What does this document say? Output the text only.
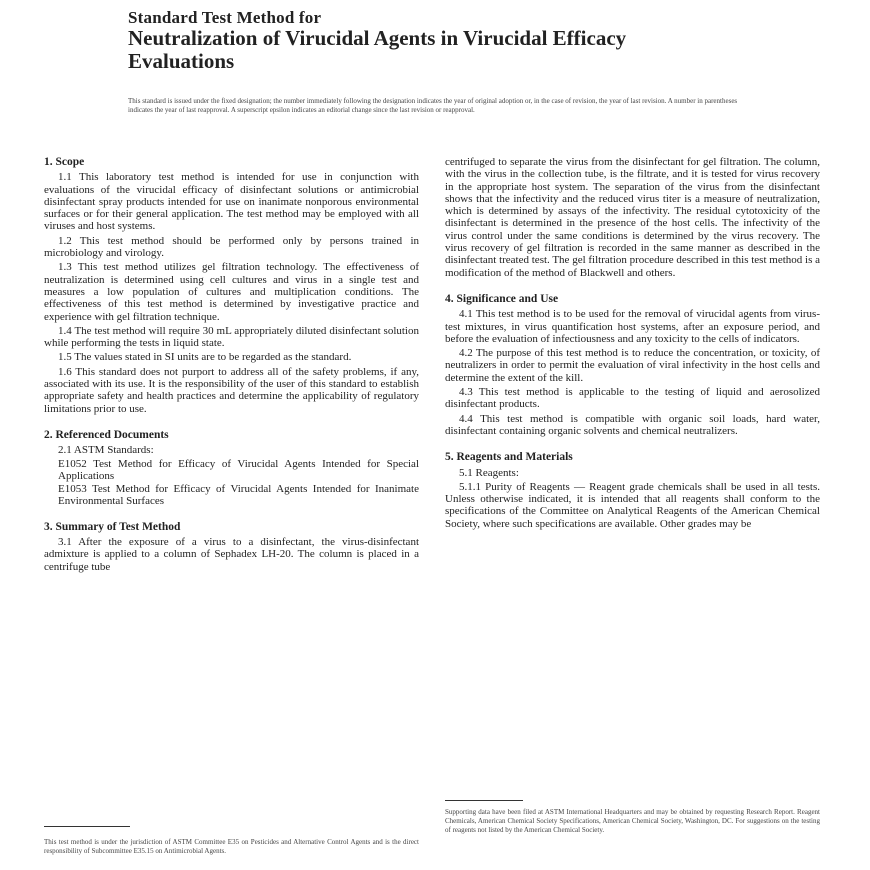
Standard Test Method for
Neutralization of Virucidal Agents in Virucidal Efficacy
Evaluations
This standard is issued under the fixed designation; the number immediately following the designation indicates the year of original adoption or, in the case of revision, the year of last revision. A number in parentheses indicates the year of last reapproval. A superscript epsilon indicates an editorial change since the last revision or reapproval.
1. Scope

1.1 This laboratory test method is intended for use in conjunction with evaluations of the virucidal efficacy of disinfectant solutions or antimicrobial disinfectant spray products intended for use on inanimate nonporous environmental surfaces or for their general application. The test method may be employed with all viruses and host systems.

1.2 This test method should be performed only by persons trained in microbiology and virology.

1.3 This test method utilizes gel filtration technology. The effectiveness of neutralization is determined using cell cultures and virus in a single test and measures a low population of cultures and multiplication conditions. The effectiveness of this test method is determined by investigative practice and experience with gel filtration technique.

1.4 The test method will require 30 mL appropriately diluted disinfectant solution while performing the tests in liquid state.

1.5 The values stated in SI units are to be regarded as the standard.

1.6 This standard does not purport to address all of the safety problems, if any, associated with its use. It is the responsibility of the user of this standard to establish appropriate safety and health practices and determine the applicability of regulatory limitations prior to use.

2. Referenced Documents

2.1 ASTM Standards:

E1052 Test Method for Efficacy of Virucidal Agents Intended for Special Applications

E1053 Test Method for Efficacy of Virucidal Agents Intended for Inanimate Environmental Surfaces

3. Summary of Test Method

3.1 After the exposure of a virus to a disinfectant, the virus-disinfectant admixture is applied to a column of Sephadex LH-20. The column is placed in a centrifuge tube

centrifuged to separate the virus from the disinfectant for gel filtration. The column, with the virus in the collection tube, is the filtrate, and it is tested for virus recovery in the appropriate host system. The separation of the virus from the disinfectant shows that the infectivity and the reduced virus titer is a measure of neutralization, which is determined by assays of the infectivity. The residual cytotoxicity of the disinfectant is determined in the presence of the host cells. The infectivity of the virus control under the same conditions is determined by the virus recovery. The virus recovery of gel filtration is recorded in the same manner as described in the disinfectant treated test. The gel filtration procedure described in this test method is a modification of the method of Blackwell and others.

4. Significance and Use

4.1 This test method is to be used for the removal of virucidal agents from virus-test mixtures, in virus quantification host systems, after an exposure period, and before the evaluation of infectiousness and any toxicity to the cells of indicators.

4.2 The purpose of this test method is to reduce the concentration, or toxicity, of neutralizers in order to permit the evaluation of viral infectivity in the host cells and determine the extent of the kill.

4.3 This test method is applicable to the testing of liquid and aerosolized disinfectant products.

4.4 This test method is compatible with organic soil loads, hard water, disinfectant containing organic solvents and chemical neutralizers.

5. Reagents and Materials

5.1 Reagents:

5.1.1 Purity of Reagents — Reagent grade chemicals shall be used in all tests. Unless otherwise indicated, it is intended that all reagents shall conform to the specifications of the Committee on Analytical Reagents of the American Chemical Society, where such specifications are available. Other grades may be

This test method is under the jurisdiction of ASTM Committee E35 on Pesticides and Alternative Control Agents and is the direct responsibility of Subcommittee E35.15 on Antimicrobial Agents.
Supporting data have been filed at ASTM International Headquarters and may be obtained by requesting Research Report. Reagent Chemicals, American Chemical Society Specifications, American Chemical Society, Washington, DC. For suggestions on the testing of reagents not listed by the American Chemical Society.
